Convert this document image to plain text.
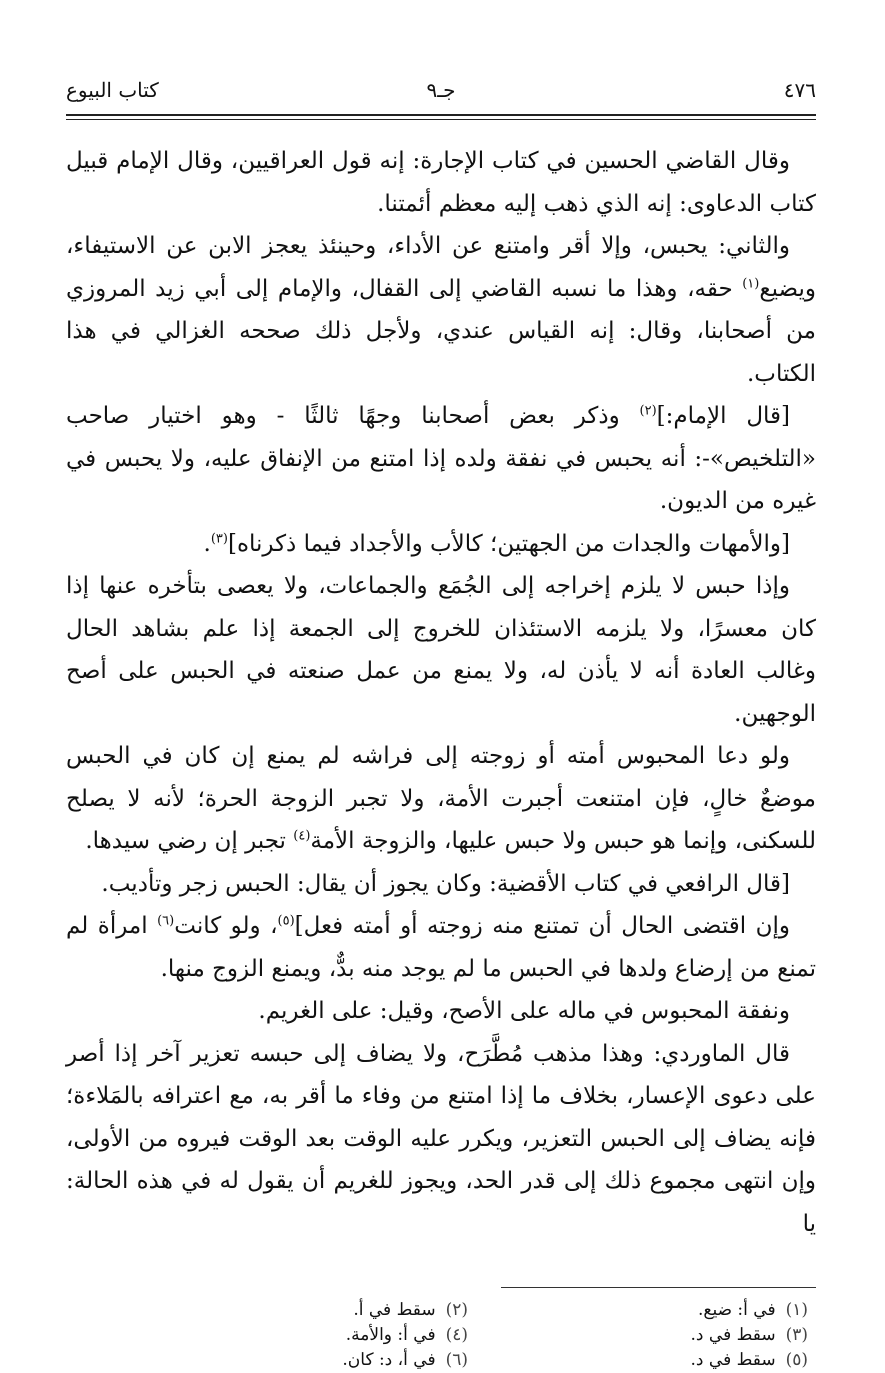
٤٧٦
جـ٩
كتاب البيوع

وقال القاضي الحسين في كتاب الإجارة: إنه قول العراقيين، وقال الإمام قبيل كتاب الدعاوى: إنه الذي ذهب إليه معظم أئمتنا.

والثاني: يحبس، وإلا أقر وامتنع عن الأداء، وحينئذ يعجز الابن عن الاستيفاء، ويضيع$^{(١)}$ حقه، وهذا ما نسبه القاضي إلى القفال، والإمام إلى أبي زيد المروزي من أصحابنا، وقال: إنه القياس عندي، ولأجل ذلك صححه الغزالي في هذا الكتاب.

[قال الإمام:]$^{(٢)}$ وذكر بعض أصحابنا وجهًا ثالثًا - وهو اختيار صاحب «التلخيص»-: أنه يحبس في نفقة ولده إذا امتنع من الإنفاق عليه، ولا يحبس في غيره من الديون.

[والأمهات والجدات من الجهتين؛ كالأب والأجداد فيما ذكرناه]$^{(٣)}$.

وإذا حبس لا يلزم إخراجه إلى الجُمَع والجماعات، ولا يعصى بتأخره عنها إذا كان معسرًا، ولا يلزمه الاستئذان للخروج إلى الجمعة إذا علم بشاهد الحال وغالب العادة أنه لا يأذن له، ولا يمنع من عمل صنعته في الحبس على أصح الوجهين.

ولو دعا المحبوس أمته أو زوجته إلى فراشه لم يمنع إن كان في الحبس موضعٌ خالٍ، فإن امتنعت أجبرت الأمة، ولا تجبر الزوجة الحرة؛ لأنه لا يصلح للسكنى، وإنما هو حبس ولا حبس عليها، والزوجة الأمة$^{(٤)}$ تجبر إن رضي سيدها.

[قال الرافعي في كتاب الأقضية: وكان يجوز أن يقال: الحبس زجر وتأديب.

وإن اقتضى الحال أن تمتنع منه زوجته أو أمته فعل]$^{(٥)}$، ولو كانت$^{(٦)}$ امرأة لم تمنع من إرضاع ولدها في الحبس ما لم يوجد منه بدٌّ، ويمنع الزوج منها.

ونفقة المحبوس في ماله على الأصح، وقيل: على الغريم.

قال الماوردي: وهذا مذهب مُطَّرَح، ولا يضاف إلى حبسه تعزير آخر إذا أصر على دعوى الإعسار، بخلاف ما إذا امتنع من وفاء ما أقر به، مع اعترافه بالمَلاءة؛ فإنه يضاف إلى الحبس التعزير، ويكرر عليه الوقت بعد الوقت فيروه من الأولى، وإن انتهى مجموع ذلك إلى قدر الحد، ويجوز للغريم أن يقول له في هذه الحالة: يا

(١)في أ: ضيع.
(٢)سقط في أ.
(٣)سقط في د.
(٤)في أ: والأمة.
(٥)سقط في د.
(٦)في أ، د: كان.
